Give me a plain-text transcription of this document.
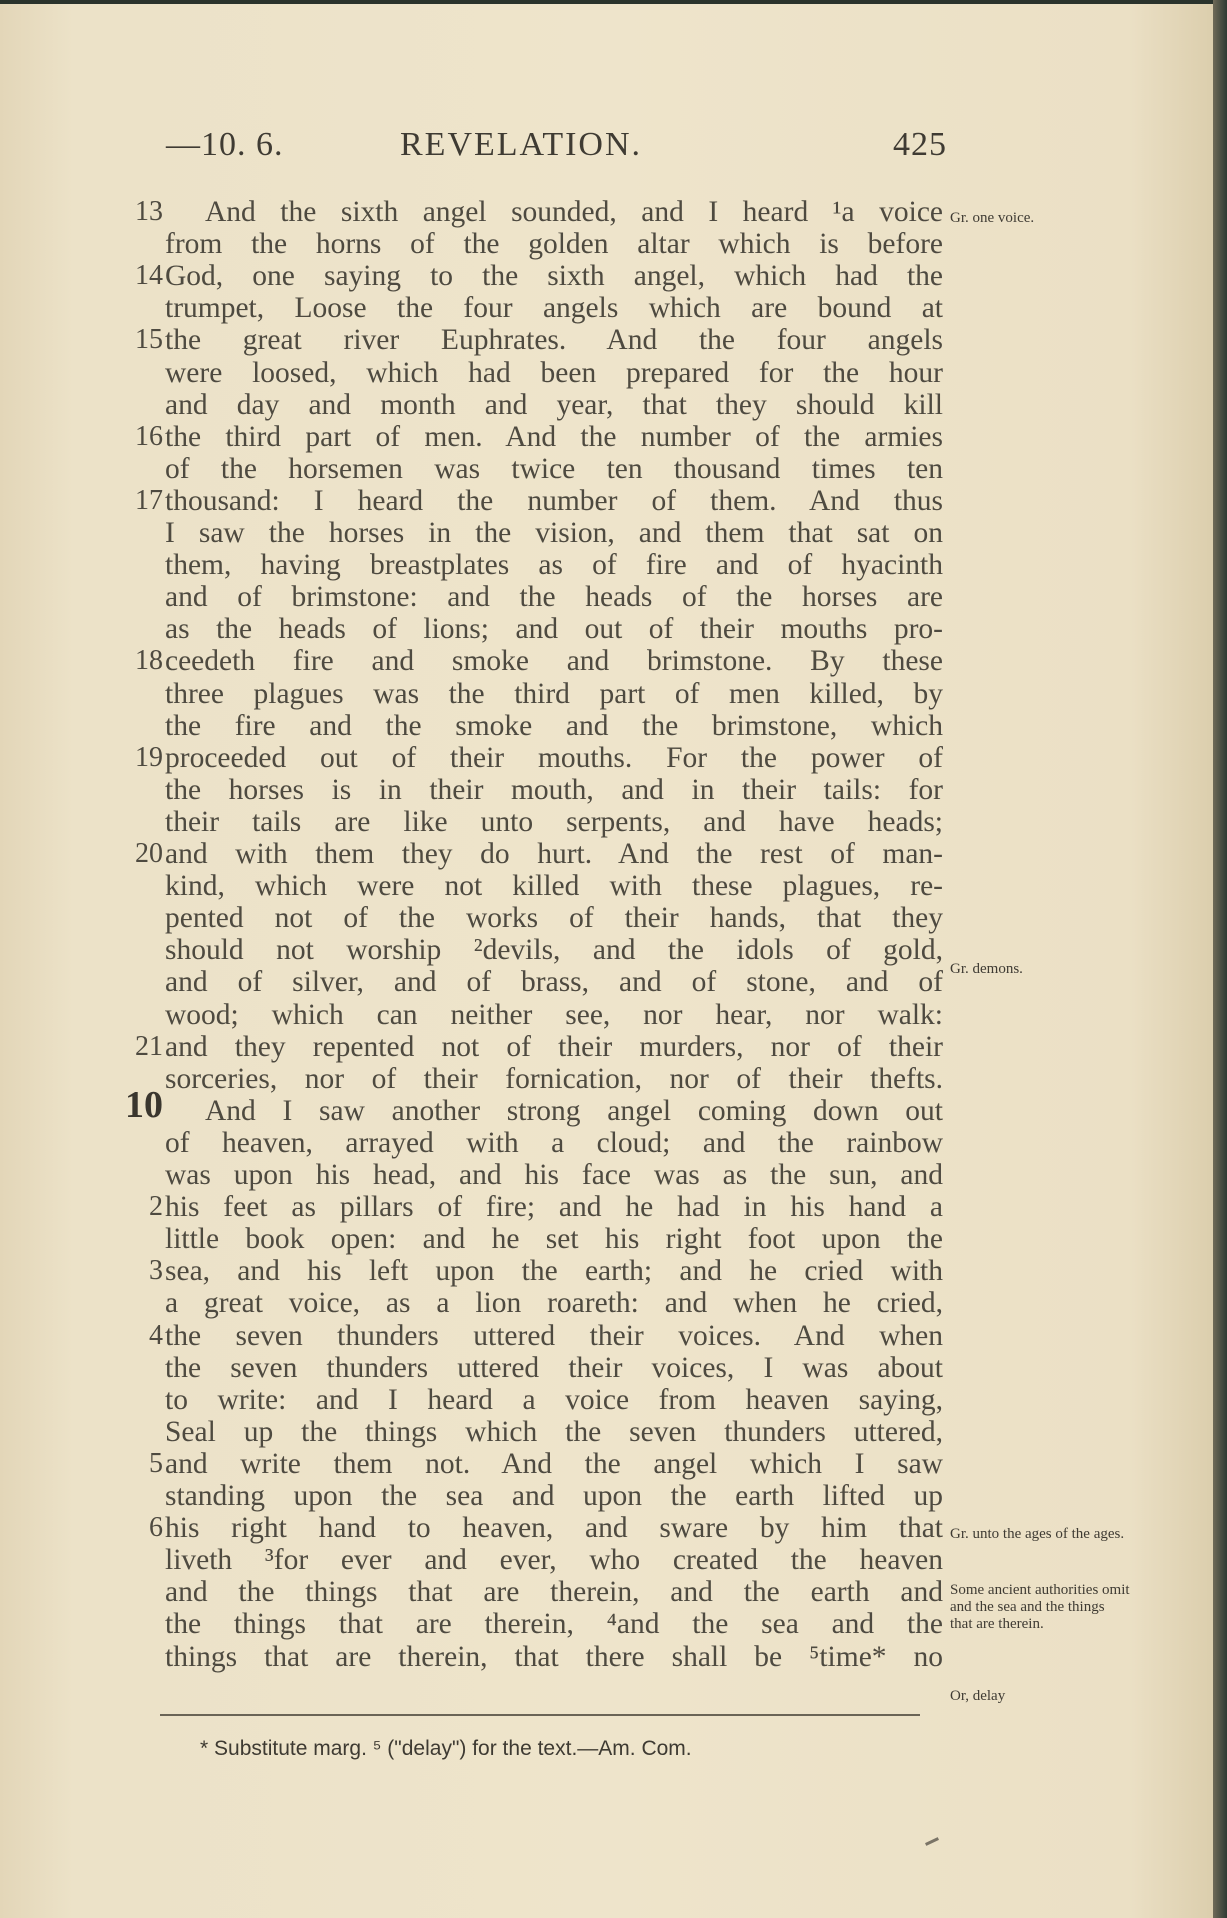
—10. 6.	REVELATION.	425
13 And the sixth angel sounded, and I heard ¹a voice
from the horns of the golden altar which is before
14 God, one saying to the sixth angel, which had the
trumpet, Loose the four angels which are bound at
15 the great river Euphrates. And the four angels
were loosed, which had been prepared for the hour
and day and month and year, that they should kill
16 the third part of men. And the number of the armies
of the horsemen was twice ten thousand times ten
17 thousand: I heard the number of them. And thus
I saw the horses in the vision, and them that sat on
them, having breastplates as of fire and of hyacinth
and of brimstone: and the heads of the horses are
as the heads of lions; and out of their mouths pro-
18 ceedeth fire and smoke and brimstone. By these
three plagues was the third part of men killed, by
the fire and the smoke and the brimstone, which
19 proceeded out of their mouths. For the power of
the horses is in their mouth, and in their tails: for
their tails are like unto serpents, and have heads;
20 and with them they do hurt. And the rest of man-
kind, which were not killed with these plagues, re-
pented not of the works of their hands, that they
should not worship ²devils, and the idols of gold,
and of silver, and of brass, and of stone, and of
wood; which can neither see, nor hear, nor walk:
21 and they repented not of their murders, nor of their
sorceries, nor of their fornication, nor of their thefts.
10 And I saw another strong angel coming down out
of heaven, arrayed with a cloud; and the rainbow
was upon his head, and his face was as the sun, and
2 his feet as pillars of fire; and he had in his hand a
little book open: and he set his right foot upon the
3 sea, and his left upon the earth; and he cried with
a great voice, as a lion roareth: and when he cried,
4 the seven thunders uttered their voices. And when
the seven thunders uttered their voices, I was about
to write: and I heard a voice from heaven saying,
Seal up the things which the seven thunders uttered,
5 and write them not. And the angel which I saw
standing upon the sea and upon the earth lifted up
6 his right hand to heaven, and sware by him that
liveth ³for ever and ever, who created the heaven
and the things that are therein, and the earth and
the things that are therein, ⁴and the sea and the
things that are therein, that there shall be ⁵time* no
Gr. one voice.
Gr. demons.
Gr. unto the ages of the ages.
Some ancient authorities omit and the sea and the things that are therein.
Or, delay
* Substitute marg. ⁵ ("delay") for the text.—Am. Com.
